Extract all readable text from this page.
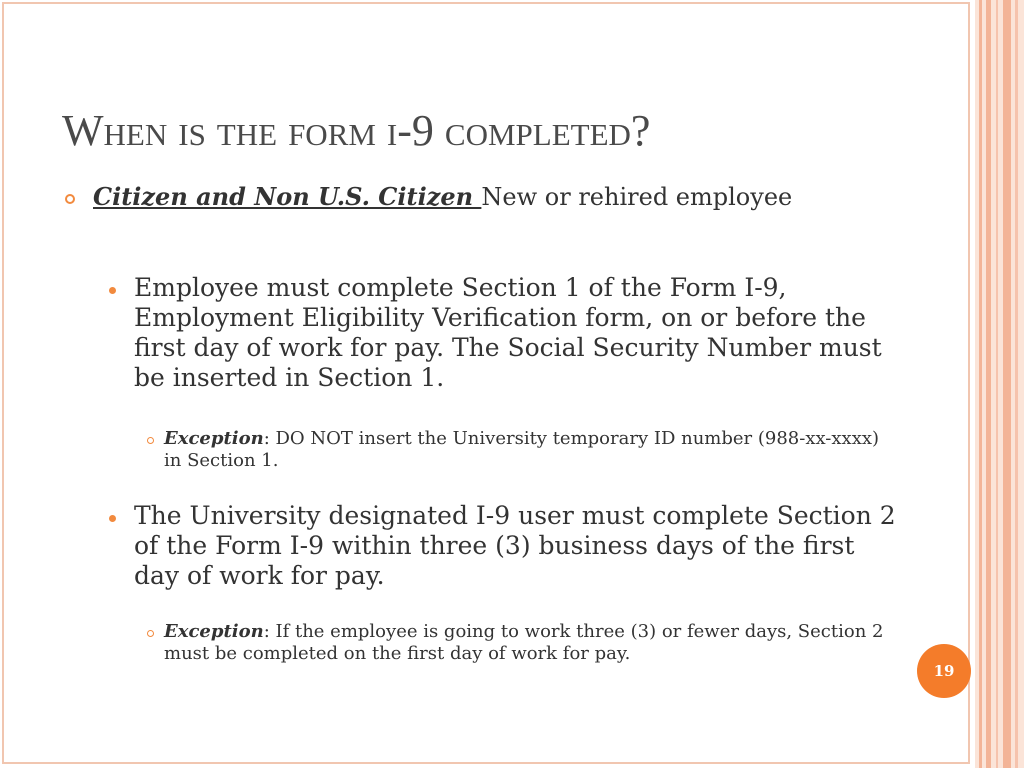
When is the form i-9 completed?

Citizen and Non U.S. Citizen New or rehired employee

Employee must complete Section 1 of the Form I-9, Employment Eligibility Verification form, on or before the first day of work for pay. The Social Security Number must be inserted in Section 1.

Exception: DO NOT insert the University temporary ID number (988-xx-xxxx) in Section 1.

The University designated I-9 user must complete Section 2 of the Form I-9 within three (3) business days of the first day of work for pay.

Exception: If the employee is going to work three (3) or fewer days, Section 2 must be completed on the first day of work for pay.

19
